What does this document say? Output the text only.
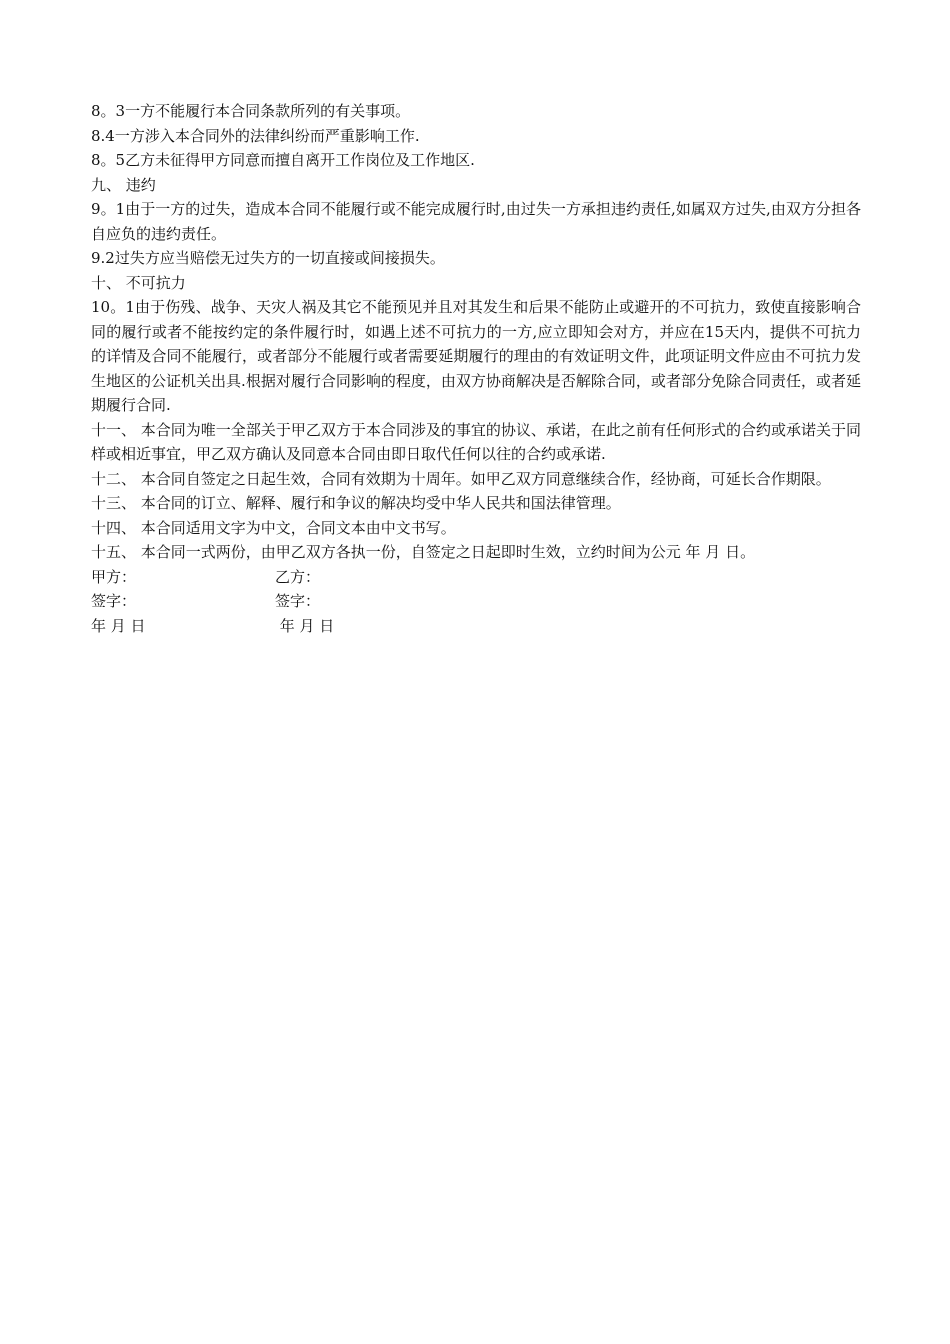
8。3一方不能履行本合同条款所列的有关事项。

8.4一方涉入本合同外的法律纠纷而严重影响工作.

8。5乙方未征得甲方同意而擅自离开工作岗位及工作地区.

九、 违约

9。1由于一方的过失，造成本合同不能履行或不能完成履行时,由过失一方承担违约责任,如属双方过失,由双方分担各自应负的违约责任。

9.2过失方应当赔偿无过失方的一切直接或间接损失。

十、 不可抗力

10。1由于伤残、战争、天灾人祸及其它不能预见并且对其发生和后果不能防止或避开的不可抗力，致使直接影响合同的履行或者不能按约定的条件履行时，如遇上述不可抗力的一方,应立即知会对方，并应在15天内，提供不可抗力的详情及合同不能履行，或者部分不能履行或者需要延期履行的理由的有效证明文件，此项证明文件应由不可抗力发生地区的公证机关出具.根据对履行合同影响的程度，由双方协商解决是否解除合同，或者部分免除合同责任，或者延期履行合同.

十一、 本合同为唯一全部关于甲乙双方于本合同涉及的事宜的协议、承诺，在此之前有任何形式的合约或承诺关于同样或相近事宜，甲乙双方确认及同意本合同由即日取代任何以往的合约或承诺.

十二、 本合同自签定之日起生效，合同有效期为十周年。如甲乙双方同意继续合作，经协商，可延长合作期限。

十三、 本合同的订立、解释、履行和争议的解决均受中华人民共和国法律管理。

十四、 本合同适用文字为中文，合同文本由中文书写。

十五、 本合同一式两份，由甲乙双方各执一份，自签定之日起即时生效，立约时间为公元 年 月 日。

甲方：	乙方：
签字：	签字：
年 月 日	年 月 日
